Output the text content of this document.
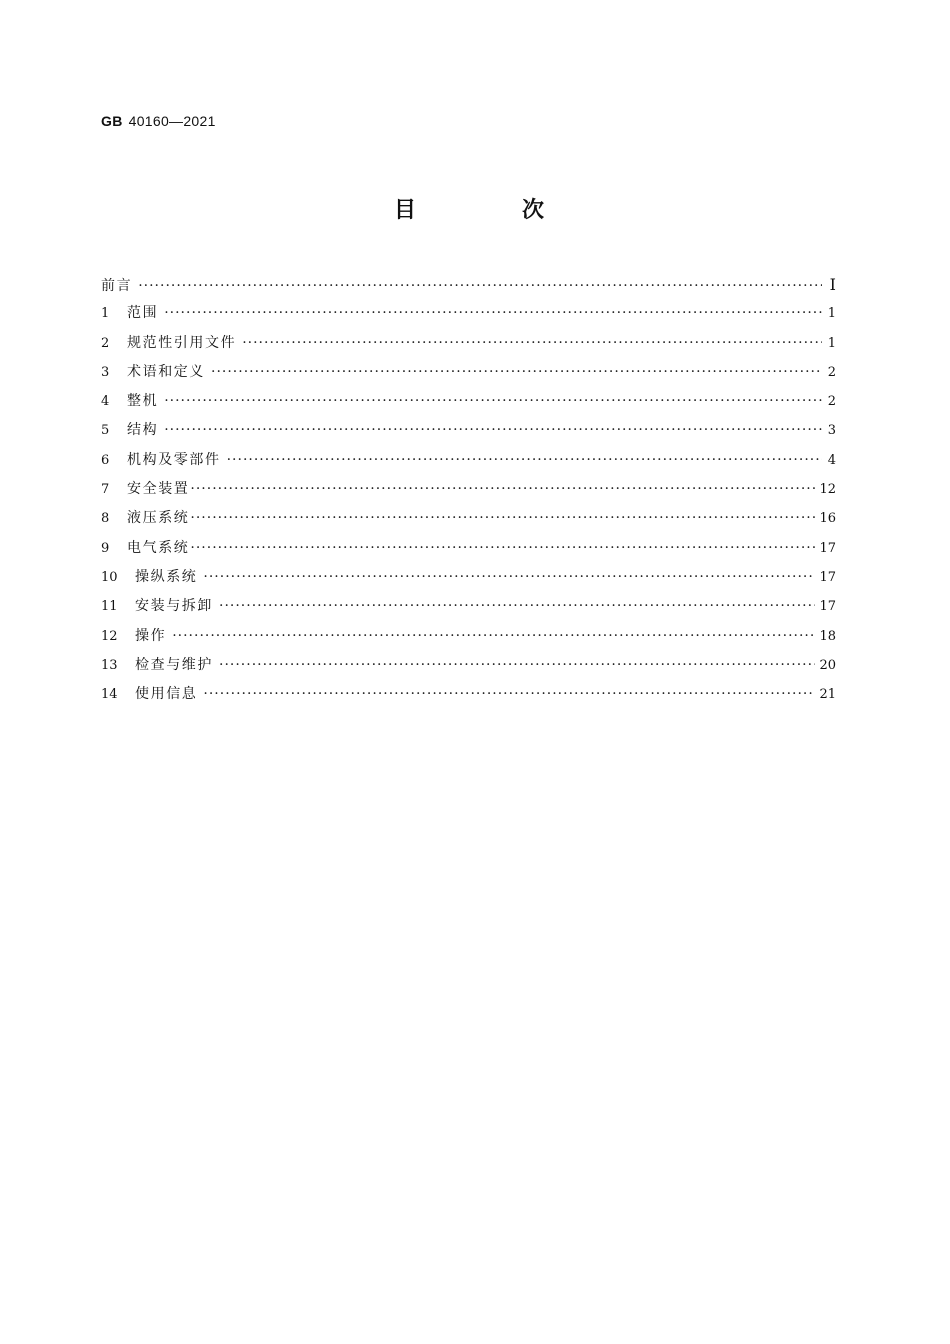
GB 40160—2021
目　次
前言 ·····	I
1	范围 ·····	1
2	规范性引用文件 ·····	1
3	术语和定义 ·····	2
4	整机 ·····	2
5	结构 ·····	3
6	机构及零部件 ·····	4
7	安全装置 ·····	12
8	液压系统 ·····	16
9	电气系统 ·····	17
10	操纵系统 ·····	17
11	安装与拆卸 ·····	17
12	操作 ·····	18
13	检查与维护 ·····	20
14	使用信息 ·····	21
